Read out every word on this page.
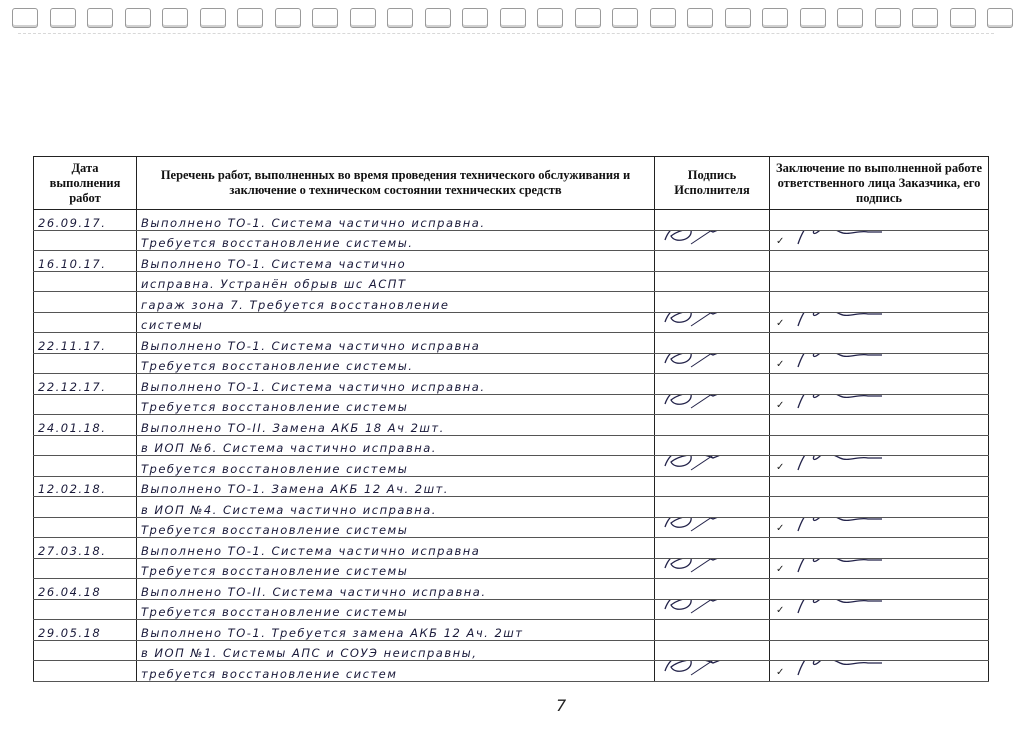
Дата выполнения работ	Перечень работ, выполненных во время проведения технического обслуживания и заключение о техническом состоянии технических средств	Подпись Исполнителя	Заключение по выполненной работе ответственного лица Заказчика, его подпись
26.09.17.	Выполнено ТО-1. Система частично исправна.		
	Требуется восстановление системы.		✓

16.10.17.	Выполнено ТО-1. Система частично		
	исправна. Устранён обрыв шс АСПТ		
	гараж зона 7. Требуется восстановление		
	системы		✓

22.11.17.	Выполнено ТО-1. Система частично исправна		
	Требуется восстановление системы.		✓

22.12.17.	Выполнено ТО-1. Система частично исправна.		
	Требуется восстановление системы		✓

24.01.18.	Выполнено ТО-II. Замена АКБ 18 Ач 2шт.		
	в ИОП №6. Система частично исправна.		
	Требуется восстановление системы		✓

12.02.18.	Выполнено ТО-1. Замена АКБ 12 Ач. 2шт.		
	в ИОП №4. Система частично исправна.		
	Требуется восстановление системы		✓

27.03.18.	Выполнено ТО-1. Система частично исправна		
	Требуется восстановление системы		✓

26.04.18	Выполнено ТО-II. Система частично исправна.		
	Требуется восстановление системы		✓

29.05.18	Выполнено ТО-1. Требуется замена АКБ 12 Ач. 2шт		
	в ИОП №1. Системы АПС и СОУЭ неисправны,		
	требуется восстановление систем		✓
7
